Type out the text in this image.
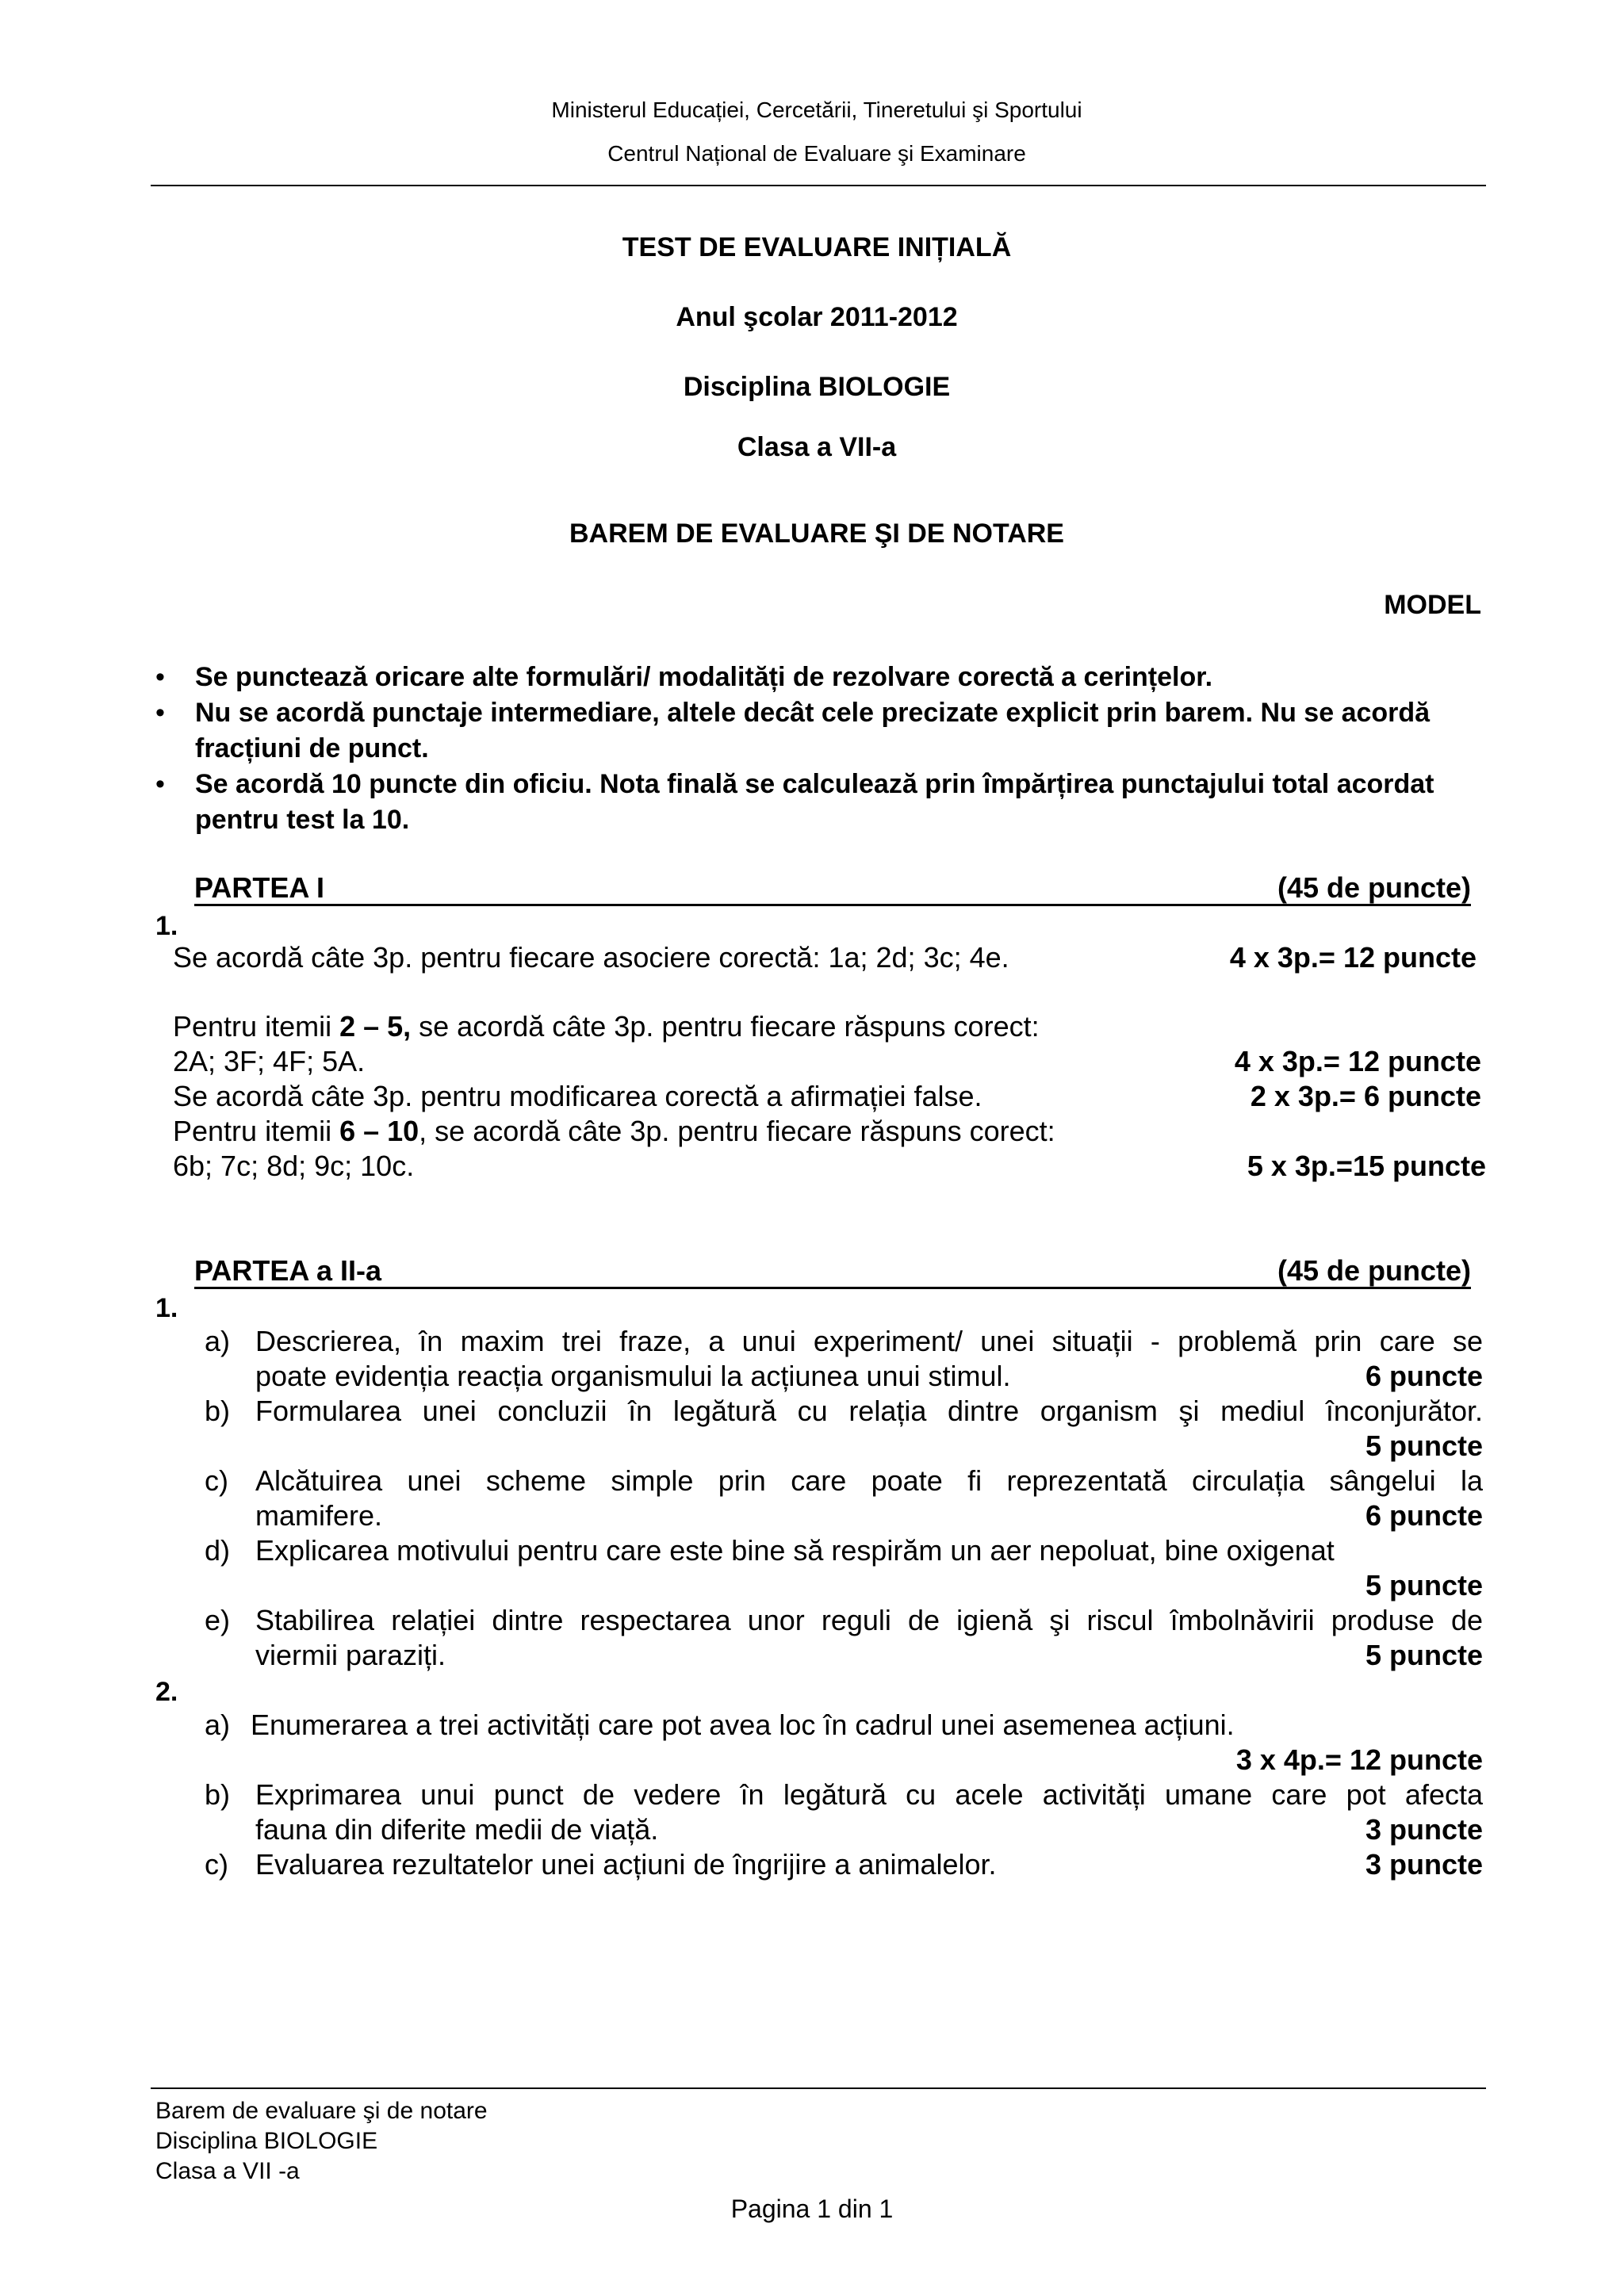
Ministerul Educației, Cercetării, Tineretului şi Sportului
Centrul Național de Evaluare şi Examinare
TEST DE EVALUARE INIȚIALĂ
Anul şcolar 2011-2012
Disciplina BIOLOGIE
Clasa a VII-a
BAREM DE EVALUARE ŞI DE NOTARE
MODEL
•	Se punctează oricare alte formulări/ modalități de rezolvare corectă a cerințelor.
•	Nu se acordă punctaje intermediare, altele decât cele precizate explicit prin barem. Nu se acordă fracțiuni de punct.
•	Se acordă 10 puncte din oficiu. Nota finală se calculează prin împărțirea punctajului total acordat pentru test la 10.
PARTEA I	(45 de puncte)
1.
Se acordă câte 3p. pentru fiecare asociere corectă: 1a; 2d; 3c; 4e.	4 x 3p.= 12 puncte
Pentru itemii 2 – 5, se acordă câte 3p. pentru fiecare răspuns corect:
2A; 3F; 4F; 5A.	4 x 3p.= 12 puncte
Se acordă câte 3p. pentru modificarea corectă a afirmației false.	2 x 3p.= 6 puncte
Pentru itemii 6 – 10, se acordă câte 3p. pentru fiecare răspuns corect:
6b; 7c; 8d; 9c; 10c.	5 x 3p.=15 puncte
PARTEA a II-a	(45 de puncte)
1.
a) Descrierea, în maxim trei fraze, a unui experiment/ unei situații - problemă prin care se
poate evidenția reacția organismului la acțiunea unui stimul.	6 puncte
b) Formularea unei concluzii în legătură cu relația dintre organism şi mediul înconjurător.
5 puncte
c) Alcătuirea unei scheme simple prin care poate fi reprezentată circulația sângelui la
mamifere.	6 puncte
d) Explicarea motivului pentru care este bine să respirăm un aer nepoluat, bine oxigenat
5 puncte
e) Stabilirea relației dintre respectarea unor reguli de igienă şi riscul îmbolnăvirii produse de
viermii paraziți.	5 puncte
2.
a) Enumerarea a trei activități care pot avea loc în cadrul unei asemenea acțiuni.
3 x 4p.= 12 puncte
b) Exprimarea unui punct de vedere în legătură cu acele activități umane care pot afecta
fauna din diferite medii de viață.	3 puncte
c) Evaluarea rezultatelor unei acțiuni de îngrijire a animalelor.	3 puncte
Barem de evaluare şi de notare
Disciplina BIOLOGIE
Clasa a VII -a
Pagina 1 din 1
